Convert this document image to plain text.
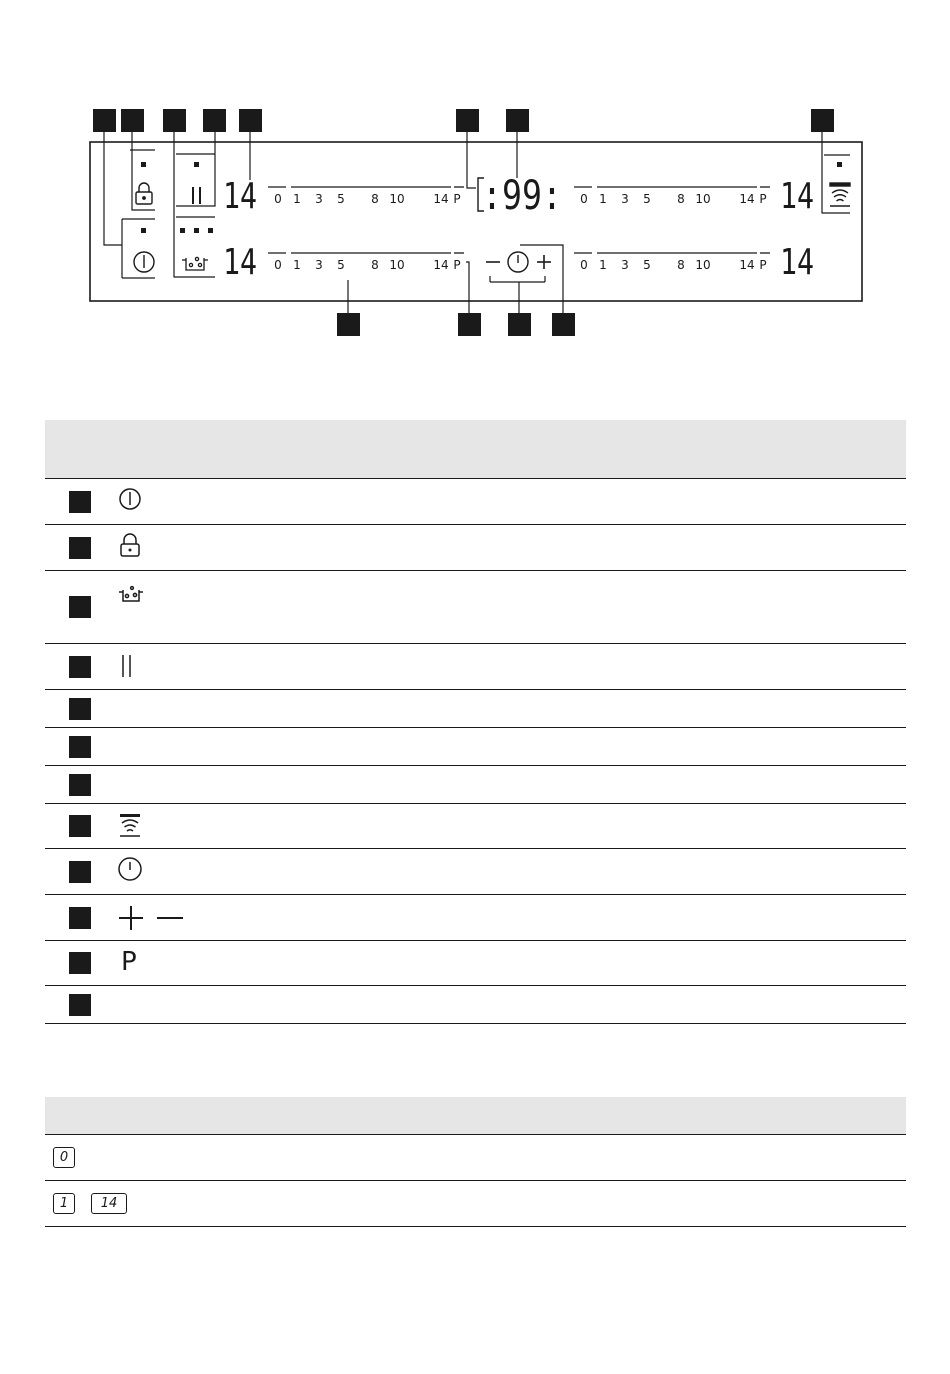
14
14
14
14
:99:
0 1 3 5 8 10 14 P
0 1 3 5 8 10 14 P
0 1 3 5 8 10 14 P
0 1 3 5 8 10 14 P
P
0
1	14
